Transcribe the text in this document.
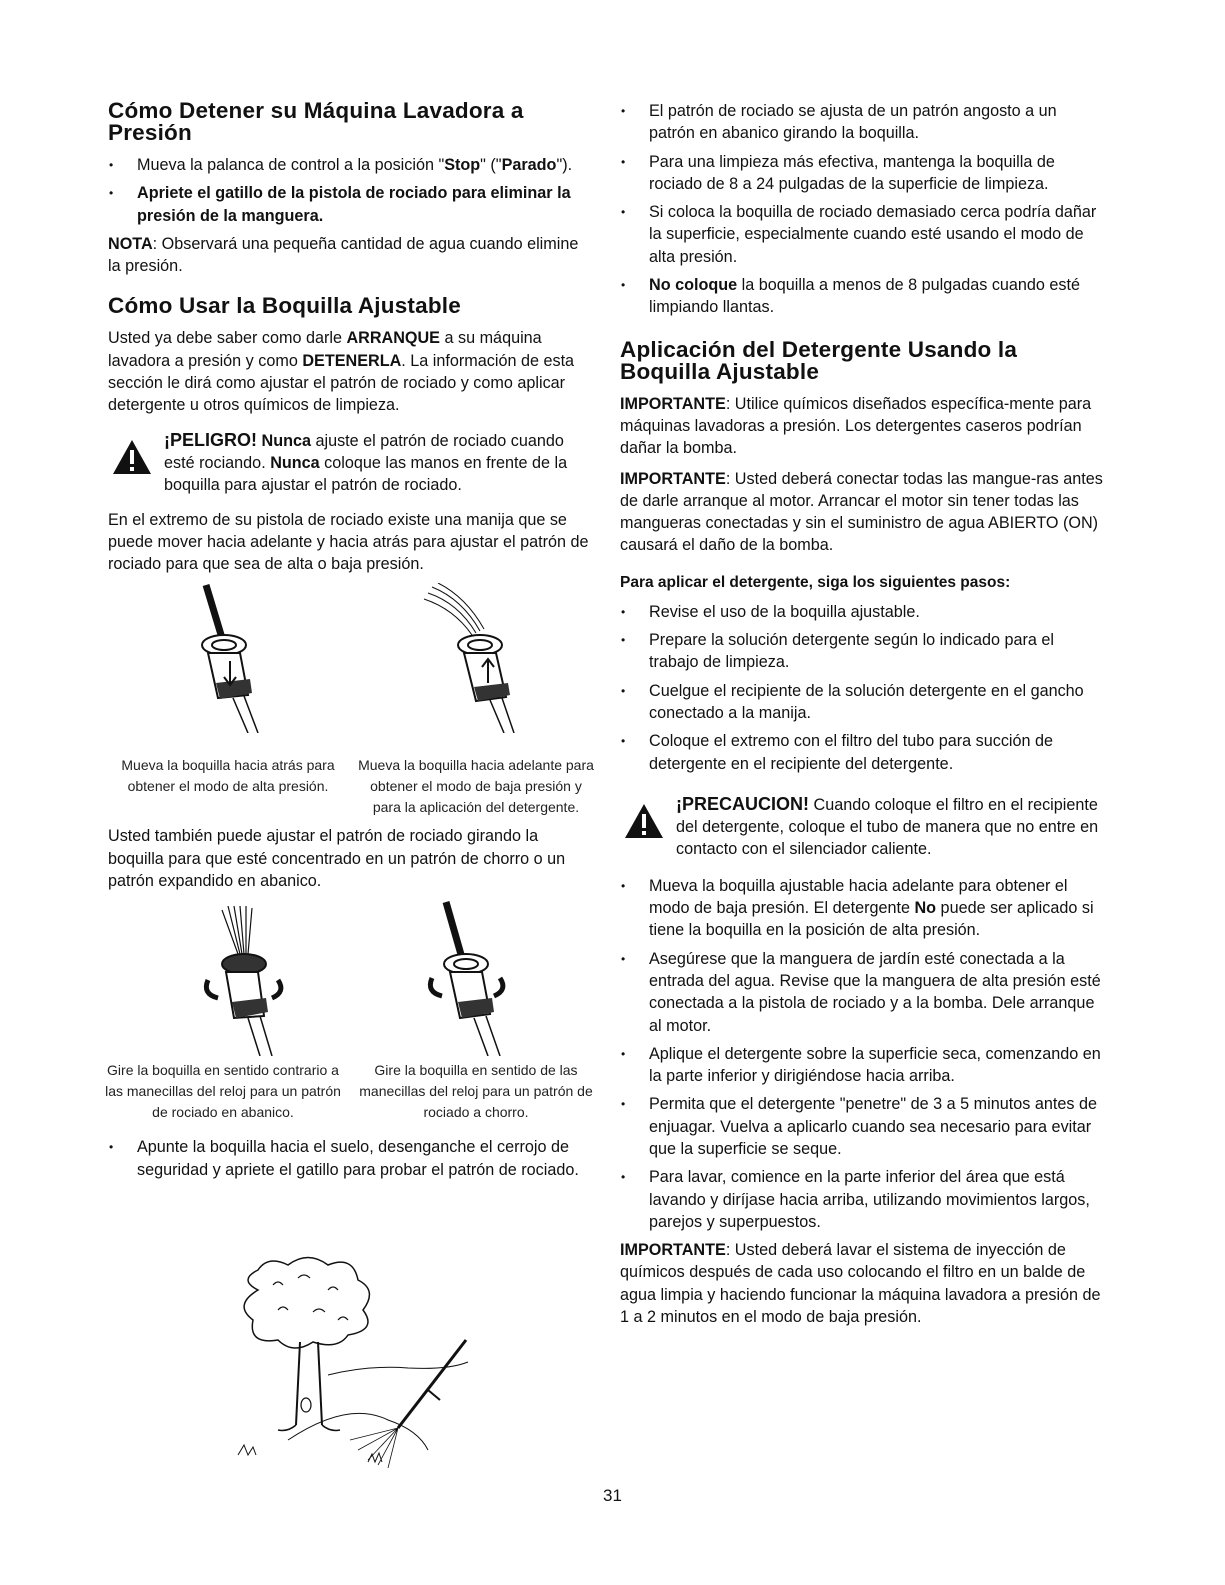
Cómo Detener su Máquina Lavadora a Presión
• Mueva la palanca de control a la posición "Stop" ("Parado").
• Apriete el gatillo de la pistola de rociado para eliminar la presión de la manguera.

NOTA: Observará una pequeña cantidad de agua cuando elimine la presión.

Cómo Usar la Boquilla Ajustable

Usted ya debe saber como darle ARRANQUE a su máquina lavadora a presión y como DETENERLA. La información de esta sección le dirá como ajustar el patrón de rociado y como aplicar detergente u otros químicos de limpieza.

¡PELIGRO! Nunca ajuste el patrón de rociado cuando esté rociando. Nunca coloque las manos en frente de la boquilla para ajustar el patrón de rociado.

En el extremo de su pistola de rociado existe una manija que se puede mover hacia adelante y hacia atrás para ajustar el patrón de rociado para que sea de alta o baja presión.

Mueva la boquilla hacia atrás para obtener el modo de alta presión.
Mueva la boquilla hacia adelante para obtener el modo de baja presión y para la aplicación del detergente.

Usted también puede ajustar el patrón de rociado girando la boquilla para que esté concentrado en un patrón de chorro o un patrón expandido en abanico.

Gire la boquilla en sentido contrario a las manecillas del reloj para un patrón de rociado en abanico.
Gire la boquilla en sentido de las manecillas del reloj para un patrón de rociado a chorro.
• Apunte la boquilla hacia el suelo, desenganche el cerrojo de seguridad y apriete el gatillo para probar el patrón de rociado.
• El patrón de rociado se ajusta de un patrón angosto a un patrón en abanico girando la boquilla.
• Para una limpieza más efectiva, mantenga la boquilla de rociado de 8 a 24 pulgadas de la superficie de limpieza.
• Si coloca la boquilla de rociado demasiado cerca podría dañar la superficie, especialmente cuando esté usando el modo de alta presión.
• No coloque la boquilla a menos de 8 pulgadas cuando esté limpiando llantas.
Aplicación del Detergente Usando la Boquilla Ajustable

IMPORTANTE: Utilice químicos diseñados específica-mente para máquinas lavadoras a presión. Los detergentes caseros podrían dañar la bomba.

IMPORTANTE: Usted deberá conectar todas las mangue-ras antes de darle arranque al motor. Arrancar el motor sin tener todas las mangueras conectadas y sin el suministro de agua ABIERTO (ON) causará el daño de la bomba.

Para aplicar el detergente, siga los siguientes pasos:
• Revise el uso de la boquilla ajustable.
• Prepare la solución detergente según lo indicado para el trabajo de limpieza.
• Cuelgue el recipiente de la solución detergente en el gancho conectado a la manija.
• Coloque el extremo con el filtro del tubo para succión de detergente en el recipiente del detergente.

¡PRECAUCION! Cuando coloque el filtro en el recipiente del detergente, coloque el tubo de manera que no entre en contacto con el silenciador caliente.

• Mueva la boquilla ajustable hacia adelante para obtener el modo de baja presión. El detergente No puede ser aplicado si tiene la boquilla en la posición de alta presión.
• Asegúrese que la manguera de jardín esté conectada a la entrada del agua. Revise que la manguera de alta presión esté conectada a la pistola de rociado y a la bomba. Dele arranque al motor.
• Aplique el detergente sobre la superficie seca, comenzando en la parte inferior y dirigiéndose hacia arriba.
• Permita que el detergente "penetre" de 3 a 5 minutos antes de enjuagar. Vuelva a aplicarlo cuando sea necesario para evitar que la superficie se seque.
• Para lavar, comience en la parte inferior del área que está lavando y diríjase hacia arriba, utilizando movimientos largos, parejos y superpuestos.

IMPORTANTE: Usted deberá lavar el sistema de inyección de químicos después de cada uso colocando el filtro en un balde de agua limpia y haciendo funcionar la máquina lavadora a presión de 1 a 2 minutos en el modo de baja presión.

31
